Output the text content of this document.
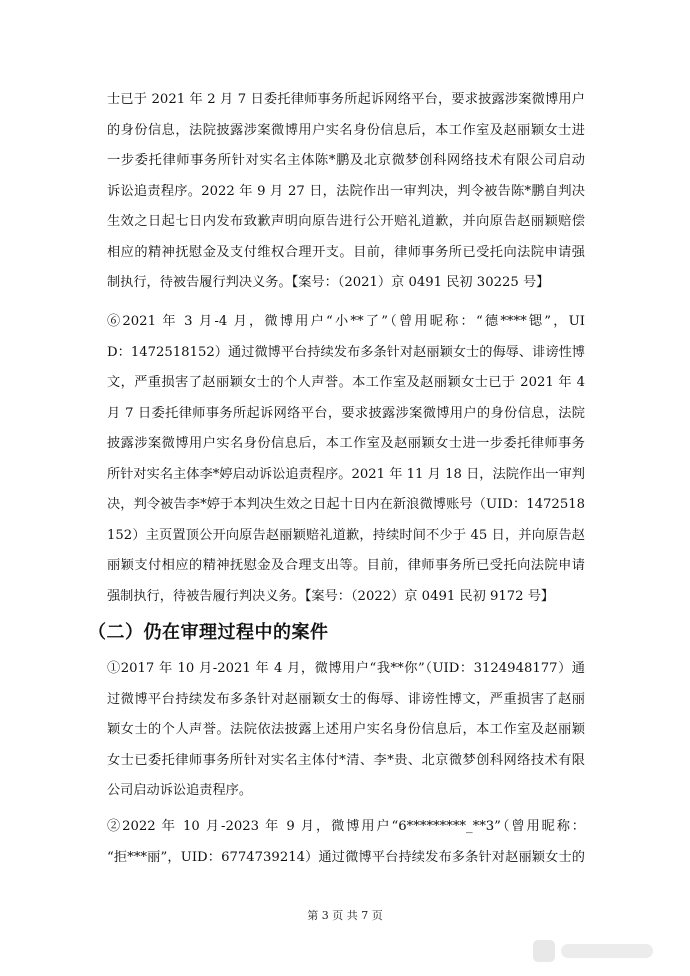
士已于 2021 年 2 月 7 日委托律师事务所起诉网络平台，要求披露涉案微博用户
的身份信息，法院披露涉案微博用户实名身份信息后，本工作室及赵丽颖女士进
一步委托律师事务所针对实名主体陈*鹏及北京微梦创科网络技术有限公司启动
诉讼追责程序。2022 年 9 月 27 日，法院作出一审判决，判令被告陈*鹏自判决
生效之日起七日内发布致歉声明向原告进行公开赔礼道歉，并向原告赵丽颖赔偿
相应的精神抚慰金及支付维权合理开支。目前，律师事务所已受托向法院申请强
制执行，待被告履行判决义务。【案号：（2021）京 0491 民初 30225 号】
⑥2021 年 3 月-4 月，微博用户“小**了”（曾用昵称：“德****锶”，UI
D：1472518152）通过微博平台持续发布多条针对赵丽颖女士的侮辱、诽谤性博
文，严重损害了赵丽颖女士的个人声誉。本工作室及赵丽颖女士已于 2021 年 4
月 7 日委托律师事务所起诉网络平台，要求披露涉案微博用户的身份信息，法院
披露涉案微博用户实名身份信息后，本工作室及赵丽颖女士进一步委托律师事务
所针对实名主体李*婷启动诉讼追责程序。2021 年 11 月 18 日，法院作出一审判
决，判令被告李*婷于本判决生效之日起十日内在新浪微博账号（UID：1472518
152）主页置顶公开向原告赵丽颖赔礼道歉，持续时间不少于 45 日，并向原告赵
丽颖支付相应的精神抚慰金及合理支出等。目前，律师事务所已受托向法院申请
强制执行，待被告履行判决义务。【案号：（2022）京 0491 民初 9172 号】
（二）仍在审理过程中的案件
①2017 年 10 月-2021 年 4 月，微博用户“我**你”（UID：3124948177）通
过微博平台持续发布多条针对赵丽颖女士的侮辱、诽谤性博文，严重损害了赵丽
颖女士的个人声誉。法院依法披露上述用户实名身份信息后，本工作室及赵丽颖
女士已委托律师事务所针对实名主体付*清、李*贵、北京微梦创科网络技术有限
公司启动诉讼追责程序。
②2022 年 10 月-2023 年 9 月，微博用户“6*********_**3”（曾用昵称：
“拒***丽”，UID：6774739214）通过微博平台持续发布多条针对赵丽颖女士的
第 3 页 共 7 页
